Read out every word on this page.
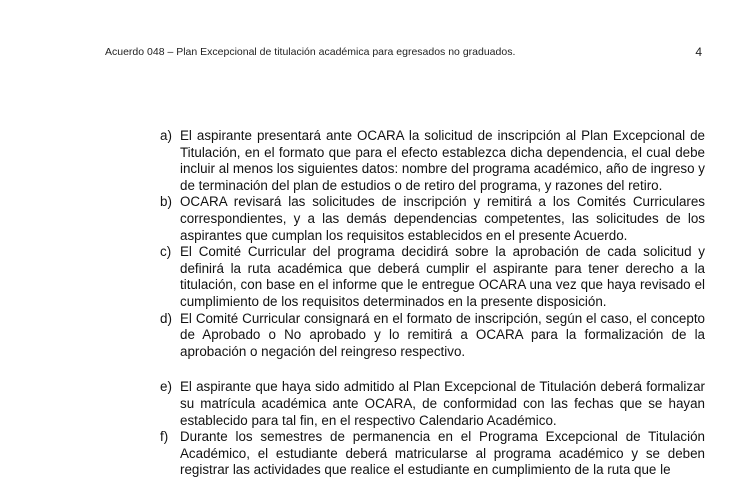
Acuerdo 048 – Plan Excepcional de titulación académica para egresados no graduados.	4
a) El aspirante presentará ante OCARA la solicitud de inscripción al Plan Excepcional de Titulación, en el formato que para el efecto establezca dicha dependencia, el cual debe incluir al menos los siguientes datos: nombre del programa académico, año de ingreso y de terminación del plan de estudios o de retiro del programa, y razones del retiro.
b) OCARA revisará las solicitudes de inscripción y remitirá a los Comités Curriculares correspondientes, y a las demás dependencias competentes, las solicitudes de los aspirantes que cumplan los requisitos establecidos en el presente Acuerdo.
c) El Comité Curricular del programa decidirá sobre la aprobación de cada solicitud y definirá la ruta académica que deberá cumplir el aspirante para tener derecho a la titulación, con base en el informe que le entregue OCARA una vez que haya revisado el cumplimiento de los requisitos determinados en la presente disposición.
d) El Comité Curricular consignará en el formato de inscripción, según el caso, el concepto de Aprobado o No aprobado y lo remitirá a OCARA para la formalización de la aprobación o negación del reingreso respectivo.
e) El aspirante que haya sido admitido al Plan Excepcional de Titulación deberá formalizar su matrícula académica ante OCARA, de conformidad con las fechas que se hayan establecido para tal fin, en el respectivo Calendario Académico.
f) Durante los semestres de permanencia en el Programa Excepcional de Titulación Académico, el estudiante deberá matricularse al programa académico y se deben registrar las actividades que realice el estudiante en cumplimiento de la ruta que le
